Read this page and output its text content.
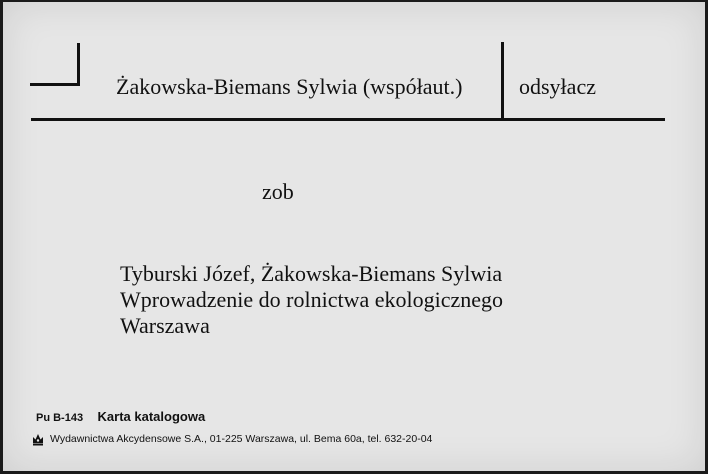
Żakowska-Biemans Sylwia (współaut.)	odsyłacz
zob
Tyburski Józef, Żakowska-Biemans Sylwia
Wprowadzenie do rolnictwa ekologicznego
Warszawa
Pu B-143 Karta katalogowa
Wydawnictwa Akcydensowe S.A., 01-225 Warszawa, ul. Bema 60a, tel. 632-20-04
